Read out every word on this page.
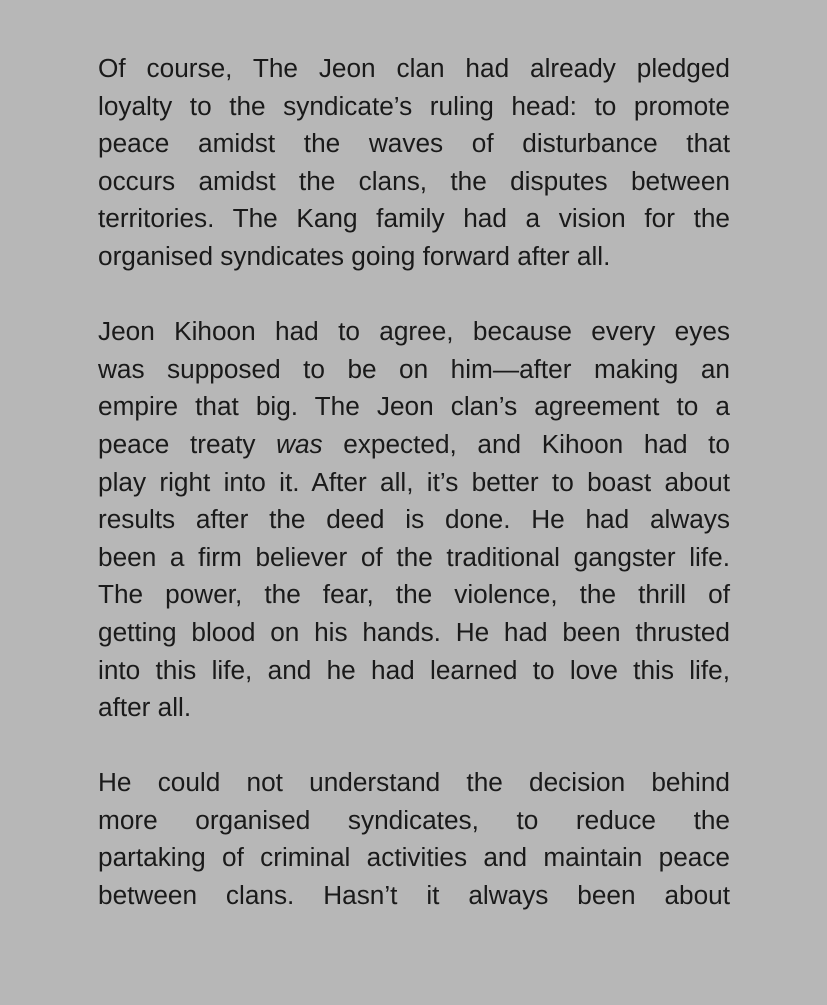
Of course, The Jeon clan had already pledged
loyalty to the syndicate’s ruling head: to promote
peace amidst the waves of disturbance that
occurs amidst the clans, the disputes between
territories. The Kang family had a vision for the
organised syndicates going forward after all.
Jeon Kihoon had to agree, because every eyes
was supposed to be on him—after making an
empire that big. The Jeon clan’s agreement to a
peace treaty was expected, and Kihoon had to
play right into it. After all, it’s better to boast about
results after the deed is done. He had always
been a firm believer of the traditional gangster life.
The power, the fear, the violence, the thrill of
getting blood on his hands. He had been thrusted
into this life, and he had learned to love this life,
after all.
He could not understand the decision behind
more organised syndicates, to reduce the
partaking of criminal activities and maintain peace
between clans. Hasn’t it always been about
